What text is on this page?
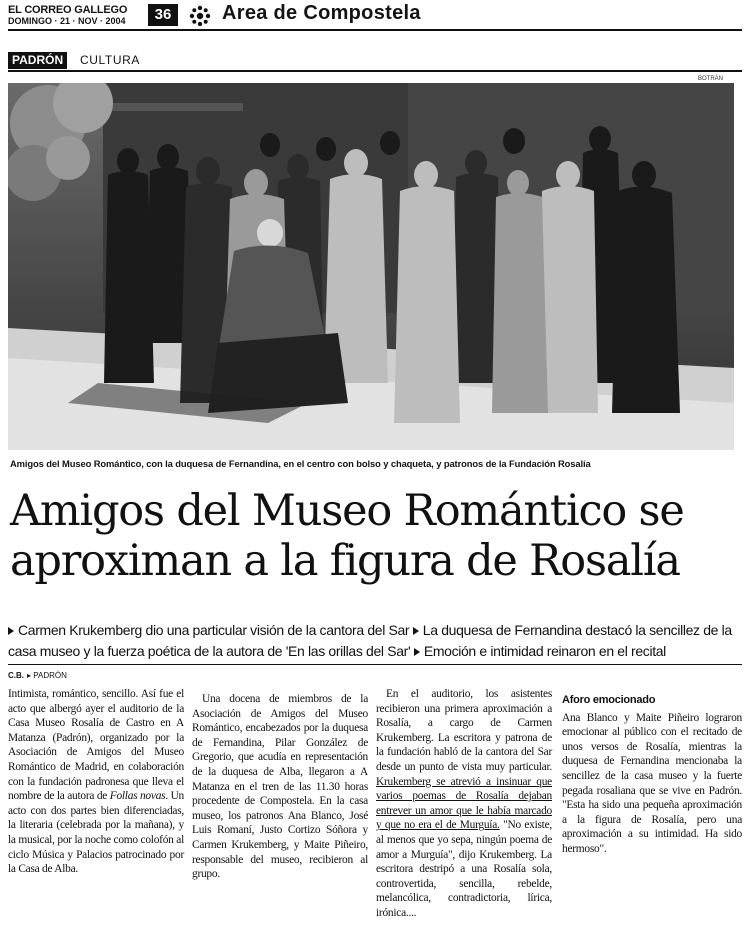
EL CORREO GALLEGO
DOMINGO · 21 · NOV · 2004	36	Area de Compostela
PADRÓN	CULTURA
BOTRÁN
Amigos del Museo Romántico, con la duquesa de Fernandina, en el centro con bolso y chaqueta, y patronos de la Fundación Rosalía
Amigos del Museo Romántico se aproximan a la figura de Rosalía
Carmen Krukemberg dio una particular visión de la cantora del Sar La duquesa de Fernandina destacó la sencillez de la casa museo y la fuerza poética de la autora de 'En las orillas del Sar' Emoción e intimidad reinaron en el recital
C.B. ▸ PADRÓN

Intimista, romántico, sencillo. Así fue el acto que albergó ayer el auditorio de la Casa Museo Rosalía de Castro en A Matanza (Padrón), organizado por la Asociación de Amigos del Museo Romántico de Madrid, en colaboración con la fundación padronesa que lleva el nombre de la autora de Follas novas. Un acto con dos partes bien diferenciadas, la literaria (celebrada por la mañana), y la musical, por la noche como colofón al ciclo Música y Palacios patrocinado por la Casa de Alba.

Una docena de miembros de la Asociación de Amigos del Museo Romántico, encabezados por la duquesa de Fernandina, Pilar González de Gregorio, que acudía en representación de la duquesa de Alba, llegaron a A Matanza en el tren de las 11.30 horas procedente de Compostela. En la casa museo, los patronos Ana Blanco, José Luis Romaní, Justo Cortizo Sóñora y Carmen Krukemberg, y Maite Piñeiro, responsable del museo, recibieron al grupo.

En el auditorio, los asistentes recibieron una primera aproximación a Rosalía, a cargo de Carmen Krukemberg. La escritora y patrona de la fundación habló de la cantora del Sar desde un punto de vista muy particular. Krukemberg se atrevió a insinuar que varios poemas de Rosalía dejaban entrever un amor que le había marcado y que no era el de Murguía. "No existe, al menos que yo sepa, ningún poema de amor a Murguía", dijo Krukemberg. La escritora destripó a una Rosalía sola, controvertida, sencilla, rebelde, melancólica, contradictoria, lírica, irónica....

Aforo emocionado

Ana Blanco y Maite Piñeiro lograron emocionar al público con el recitado de unos versos de Rosalía, mientras la duquesa de Fernandina mencionaba la sencillez de la casa museo y la fuerte pegada rosaliana que se vive en Padrón. "Esta ha sido una pequeña aproximación a la figura de Rosalía, pero una aproximación a su intimidad. Ha sido hermoso".
